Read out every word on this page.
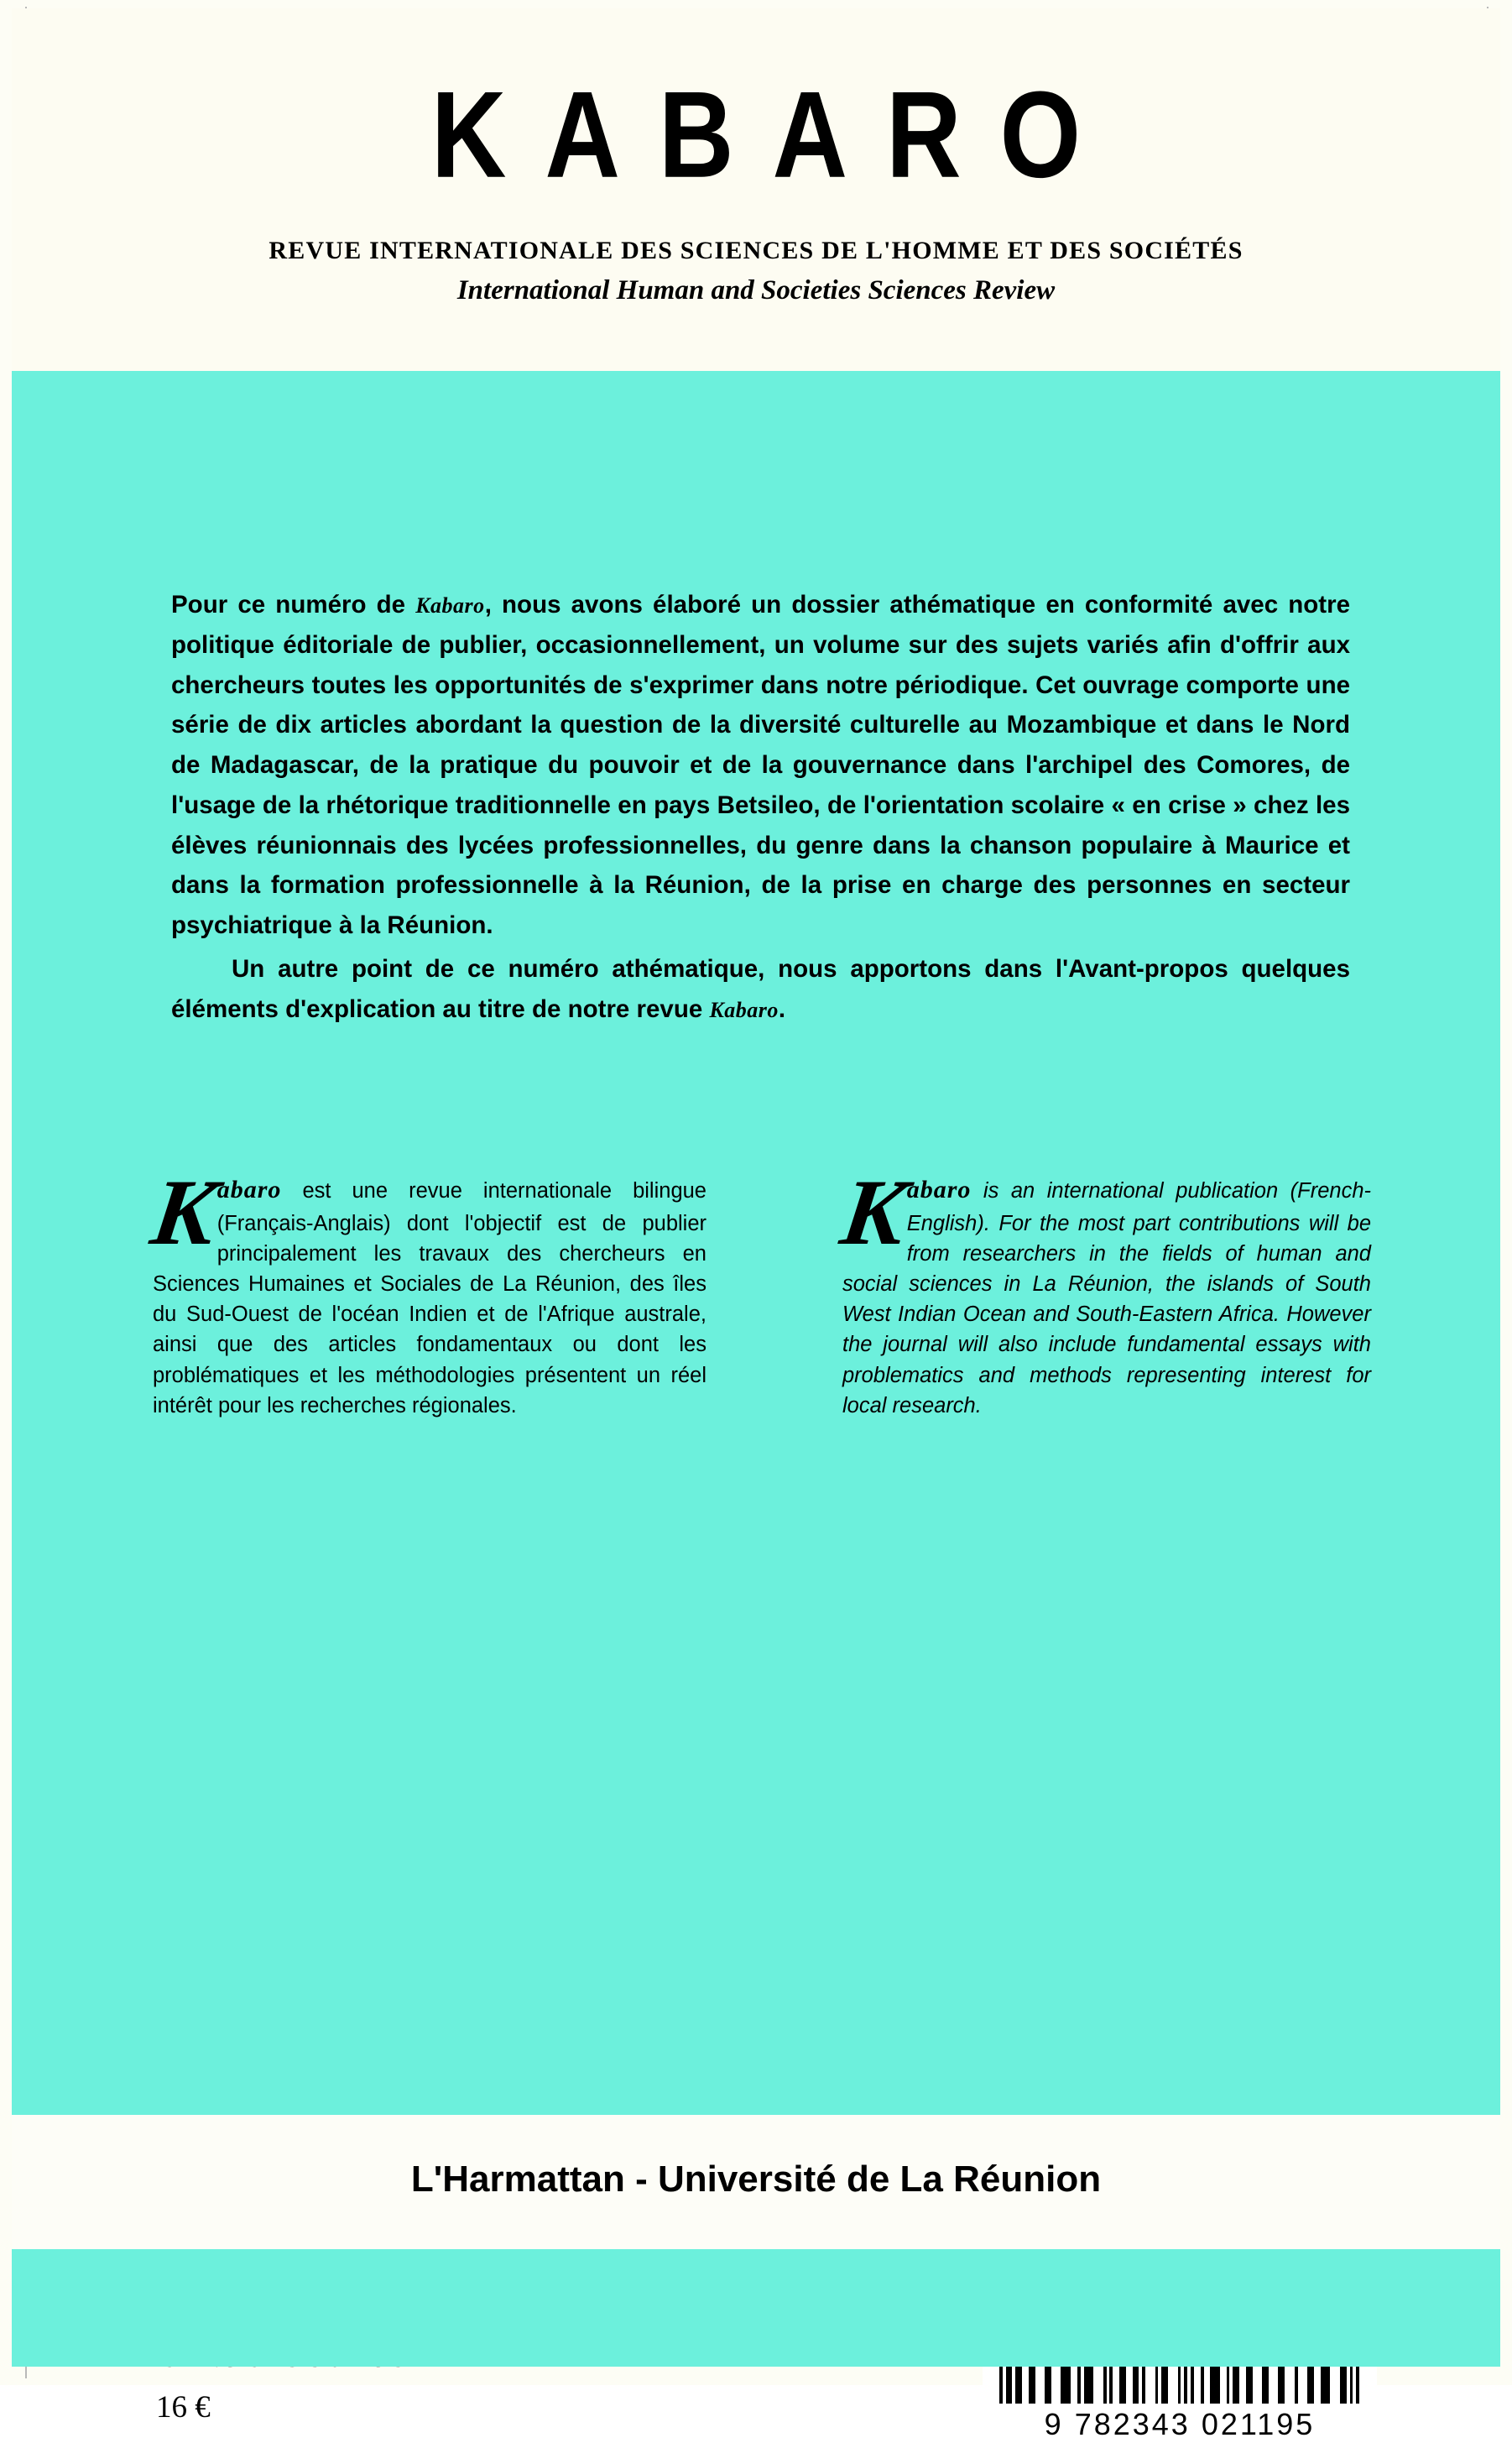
KABARO
REVUE INTERNATIONALE DES SCIENCES DE L'HOMME ET DES SOCIÉTÉS
International Human and Societies Sciences Review

Pour ce numéro de Kabaro, nous avons élaboré un dossier athématique en conformité avec notre politique éditoriale de publier, occasionnellement, un volume sur des sujets variés afin d'offrir aux chercheurs toutes les opportunités de s'exprimer dans notre périodique. Cet ouvrage comporte une série de dix articles abordant la question de la diversité culturelle au Mozambique et dans le Nord de Madagascar, de la pratique du pouvoir et de la gouvernance dans l'archipel des Comores, de l'usage de la rhétorique traditionnelle en pays Betsileo, de l'orientation scolaire « en crise » chez les élèves réunionnais des lycées professionnelles, du genre dans la chanson populaire à Maurice et dans la formation professionnelle à la Réunion, de la prise en charge des personnes en secteur psychiatrique à la Réunion.

Un autre point de ce numéro athématique, nous apportons dans l'Avant-propos quelques éléments d'explication au titre de notre revue Kabaro.

K
abaro est une revue internationale bilingue (Français-Anglais) dont l'objectif est de publier principalement les travaux des chercheurs en Sciences Humaines et Sociales de La Réunion, des îles du Sud-Ouest de l'océan Indien et de l'Afrique australe, ainsi que des articles fondamentaux ou dont les problématiques et les méthodologies présentent un réel intérêt pour les recherches régionales.
K
abaro is an international publication (French-English). For the most part contributions will be from researchers in the fields of human and social sciences in La Réunion, the islands of South West Indian Ocean and South-Eastern Africa. However the journal will also include fundamental essays with problematics and methods representing interest for local research.
16 €	9 782343 021195
L'Harmattan - Université de La Réunion
